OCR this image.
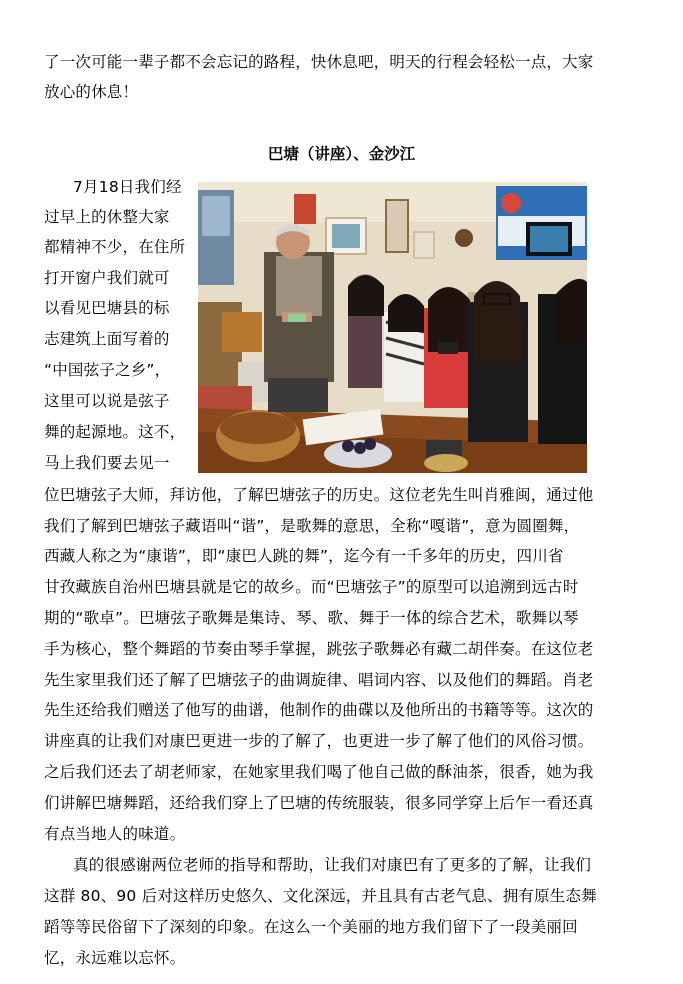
了一次可能一辈子都不会忘记的路程，快休息吧，明天的行程会轻松一点，大家
放心的休息！
巴塘（讲座）、金沙江
7月18日我们经
过早上的休整大家
都精神不少，在住所
打开窗户我们就可
以看见巴塘县的标
志建筑上面写着的
“中国弦子之乡”，
这里可以说是弦子
舞的起源地。这不，
马上我们要去见一
位巴塘弦子大师，拜访他，了解巴塘弦子的历史。这位老先生叫肖雅闽，通过他
我们了解到巴塘弦子藏语叫“谐”，是歌舞的意思，全称“嘎谐”，意为圆圈舞，
西藏人称之为“康谐”，即“康巴人跳的舞”，迄今有一千多年的历史，四川省
甘孜藏族自治州巴塘县就是它的故乡。而“巴塘弦子”的原型可以追溯到远古时
期的“歌卓”。巴塘弦子歌舞是集诗、琴、歌、舞于一体的综合艺术，歌舞以琴
手为核心，整个舞蹈的节奏由琴手掌握，跳弦子歌舞必有藏二胡伴奏。在这位老
先生家里我们还了解了巴塘弦子的曲调旋律、唱词内容、以及他们的舞蹈。肖老
先生还给我们赠送了他写的曲谱，他制作的曲碟以及他所出的书籍等等。这次的
讲座真的让我们对康巴更进一步的了解了，也更进一步了解了他们的风俗习惯。
之后我们还去了胡老师家，在她家里我们喝了他自己做的酥油茶，很香，她为我
们讲解巴塘舞蹈，还给我们穿上了巴塘的传统服装，很多同学穿上后乍一看还真
有点当地人的味道。
真的很感谢两位老师的指导和帮助，让我们对康巴有了更多的了解，让我们
这群 80、90 后对这样历史悠久、文化深远，并且具有古老气息、拥有原生态舞
蹈等等民俗留下了深刻的印象。在这么一个美丽的地方我们留下了一段美丽回
忆，永远难以忘怀。
